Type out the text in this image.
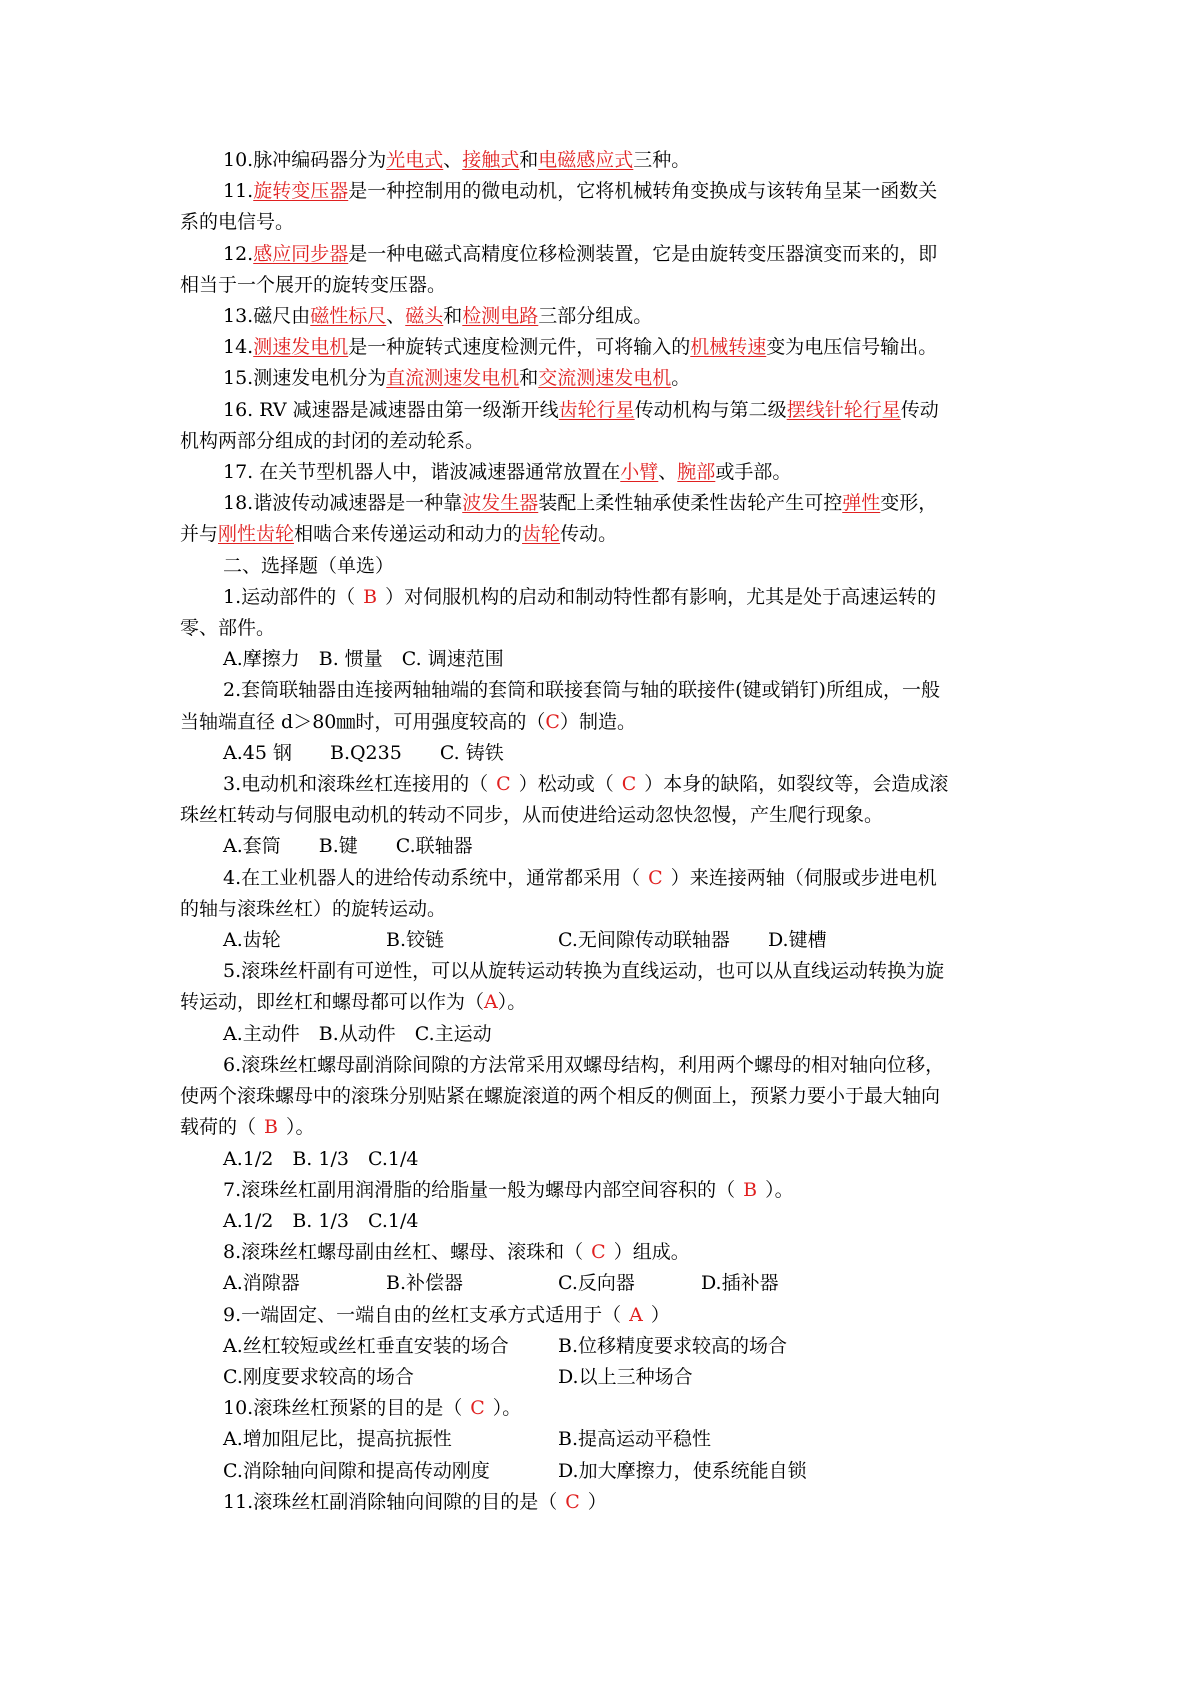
10.脉冲编码器分为光电式、接触式和电磁感应式三种。
11.旋转变压器是一种控制用的微电动机，它将机械转角变换成与该转角呈某一函数关
系的电信号。
12.感应同步器是一种电磁式高精度位移检测装置，它是由旋转变压器演变而来的，即
相当于一个展开的旋转变压器。
13.磁尺由磁性标尺、磁头和检测电路三部分组成。
14.测速发电机是一种旋转式速度检测元件，可将输入的机械转速变为电压信号输出。
15.测速发电机分为直流测速发电机和交流测速发电机。
16. RV 减速器是减速器由第一级渐开线齿轮行星传动机构与第二级摆线针轮行星传动
机构两部分组成的封闭的差动轮系。
17. 在关节型机器人中，谐波减速器通常放置在小臂、腕部或手部。
18.谐波传动减速器是一种靠波发生器装配上柔性轴承使柔性齿轮产生可控弹性变形，
并与刚性齿轮相啮合来传递运动和动力的齿轮传动。
二、选择题（单选）
1.运动部件的（ B ）对伺服机构的启动和制动特性都有影响，尤其是处于高速运转的
零、部件。
A.摩擦力　B. 惯量　C. 调速范围
2.套筒联轴器由连接两轴轴端的套筒和联接套筒与轴的联接件(键或销钉)所组成，一般
当轴端直径 d＞80㎜时，可用强度较高的（C）制造。
A.45 钢　　B.Q235　　C. 铸铁
3.电动机和滚珠丝杠连接用的（ C ）松动或（ C ）本身的缺陷，如裂纹等，会造成滚
珠丝杠转动与伺服电动机的转动不同步，从而使进给运动忽快忽慢，产生爬行现象。
A.套筒　　B.键　　C.联轴器
4.在工业机器人的进给传动系统中，通常都采用（ C ）来连接两轴（伺服或步进电机
的轴与滚珠丝杠）的旋转运动。
A.齿轮	B.铰链	C.无间隙传动联轴器 D.键槽
5.滚珠丝杆副有可逆性，可以从旋转运动转换为直线运动，也可以从直线运动转换为旋
转运动，即丝杠和螺母都可以作为（A）。
A.主动件　B.从动件　C.主运动
6.滚珠丝杠螺母副消除间隙的方法常采用双螺母结构，利用两个螺母的相对轴向位移，
使两个滚珠螺母中的滚珠分别贴紧在螺旋滚道的两个相反的侧面上，预紧力要小于最大轴向
载荷的（ B ）。
A.1/2　B. 1/3　C.1/4
7.滚珠丝杠副用润滑脂的给脂量一般为螺母内部空间容积的（ B ）。
A.1/2　B. 1/3　C.1/4
8.滚珠丝杠螺母副由丝杠、螺母、滚珠和（ C ）组成。
A.消隙器	B.补偿器	C.反向器	D.插补器
9.一端固定、一端自由的丝杠支承方式适用于（ A ）
A.丝杠较短或丝杠垂直安装的场合	B.位移精度要求较高的场合
C.刚度要求较高的场合	D.以上三种场合
10.滚珠丝杠预紧的目的是（ C ）。
A.增加阻尼比，提高抗振性	B.提高运动平稳性
C.消除轴向间隙和提高传动刚度	D.加大摩擦力，使系统能自锁
11.滚珠丝杠副消除轴向间隙的目的是（ C ）
